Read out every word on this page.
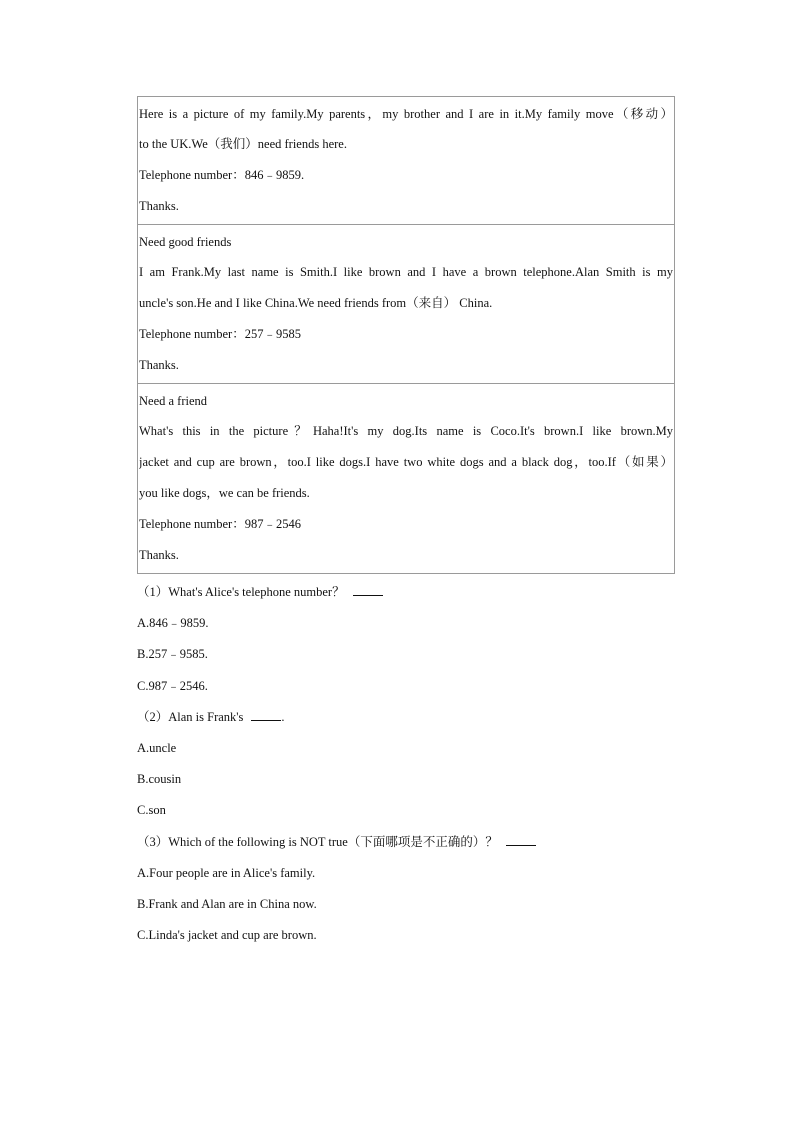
Here is a picture of my family.My parents，my brother and I are in it.My family move（移动）
to the UK.We（我们）need friends here.
Telephone number：846﹣9859.
Thanks.

Need good friends
I am Frank.My last name is Smith.I like brown and I have a brown telephone.Alan Smith is my
uncle's son.He and I like China.We need friends from（来自） China.
Telephone number：257﹣9585
Thanks.

Need a friend
What's this in the picture？Haha!It's my dog.Its name is Coco.It's brown.I like brown.My
jacket and cup are brown，too.I like dogs.I have two white dogs and a black dog，too.If（如果）
you like dogs，we can be friends.
Telephone number：987﹣2546
Thanks.
（1）What's Alice's telephone number？
A.846﹣9859.
B.257﹣9585.
C.987﹣2546.
（2）Alan is Frank's	.
A.uncle
B.cousin
C.son
（3）Which of the following is NOT true（下面哪项是不正确的）？
A.Four people are in Alice's family.
B.Frank and Alan are in China now.
C.Linda's jacket and cup are brown.
